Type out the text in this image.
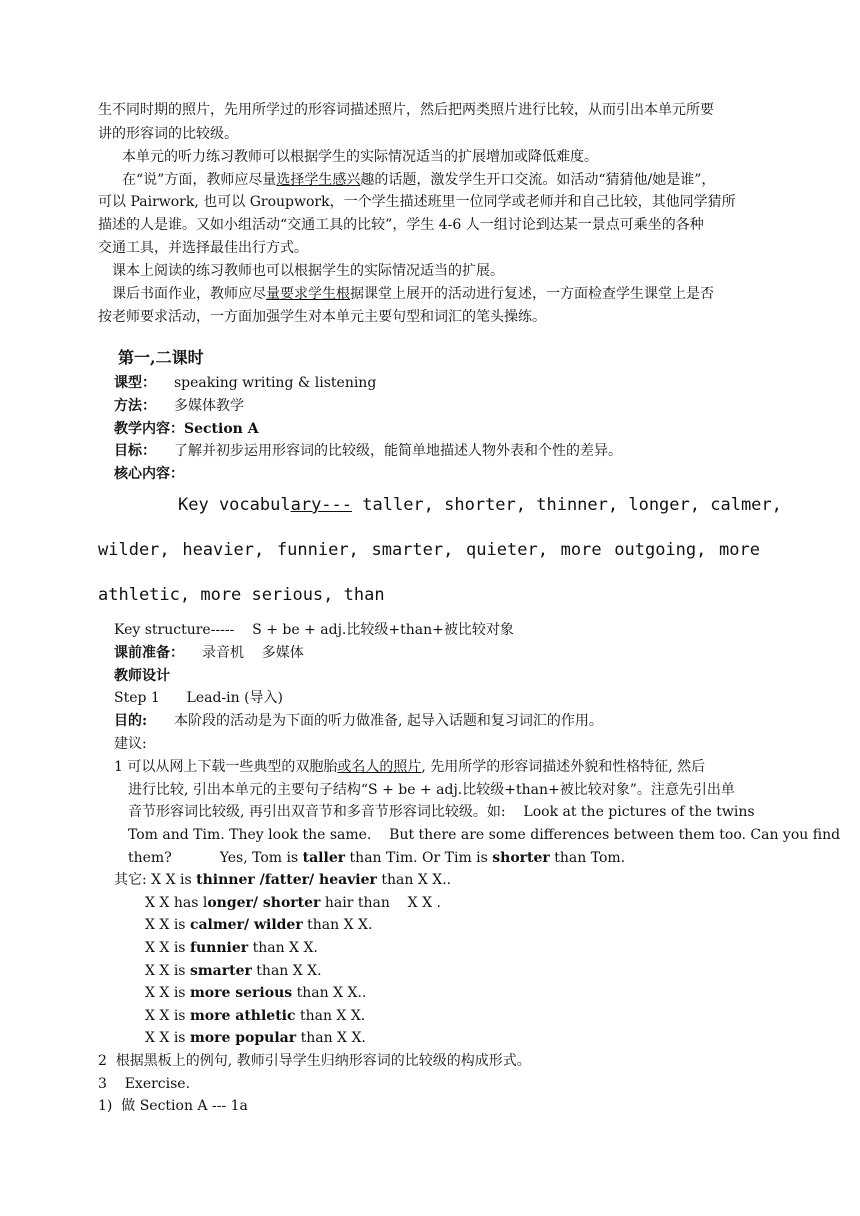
生不同时期的照片，先用所学过的形容词描述照片，然后把两类照片进行比较，从而引出本单元所要
讲的形容词的比较级。
本单元的听力练习教师可以根据学生的实际情况适当的扩展增加或降低难度。
在“说”方面，教师应尽量选择学生感兴趣的话题，激发学生开口交流。如活动“猜猜他/她是谁”，
可以 Pairwork, 也可以 Groupwork，一个学生描述班里一位同学或老师并和自己比较，其他同学猜所
描述的人是谁。又如小组活动“交通工具的比较”，学生 4-6 人一组讨论到达某一景点可乘坐的各种
交通工具，并选择最佳出行方式。
课本上阅读的练习教师也可以根据学生的实际情况适当的扩展。
课后书面作业，教师应尽量要求学生根据课堂上展开的活动进行复述，一方面检查学生课堂上是否
按老师要求活动，一方面加强学生对本单元主要句型和词汇的笔头操练。
第一,二课时
课型： speaking writing & listening
方法： 多媒体教学
教学内容：Section A
目标： 了解并初步运用形容词的比较级，能简单地描述人物外表和个性的差异。
核心内容：
Key vocabulary--- taller, shorter, thinner, longer, calmer,
wilder, heavier, funnier, smarter, quieter, more outgoing, more
athletic, more serious, than
Key structure-----    S + be + adj.比较级+than+被比较对象
课前准备： 录音机    多媒体
教师设计
Step 1      Lead-in (导入)
目的: 本阶段的活动是为下面的听力做准备, 起导入话题和复习词汇的作用。
建议:
1 可以从网上下载一些典型的双胞胎或名人的照片, 先用所学的形容词描述外貌和性格特征, 然后
进行比较, 引出本单元的主要句子结构“S + be + adj.比较级+than+被比较对象”。注意先引出单
音节形容词比较级, 再引出双音节和多音节形容词比较级。如:    Look at the pictures of the twins
Tom and Tim. They look the same.    But there are some differences between them too. Can you find
them?	Yes, Tom is taller than Tim. Or Tim is shorter than Tom.
其它: X X is thinner /fatter/ heavier than X X..
X X has longer/ shorter hair than    X X .
X X is calmer/ wilder than X X.
X X is funnier than X X.
X X is smarter than X X.
X X is more serious than X X..
X X is more athletic than X X.
X X is more popular than X X.
2  根据黑板上的例句, 教师引导学生归纳形容词的比较级的构成形式。
3    Exercise.
1)  做 Section A --- 1a
